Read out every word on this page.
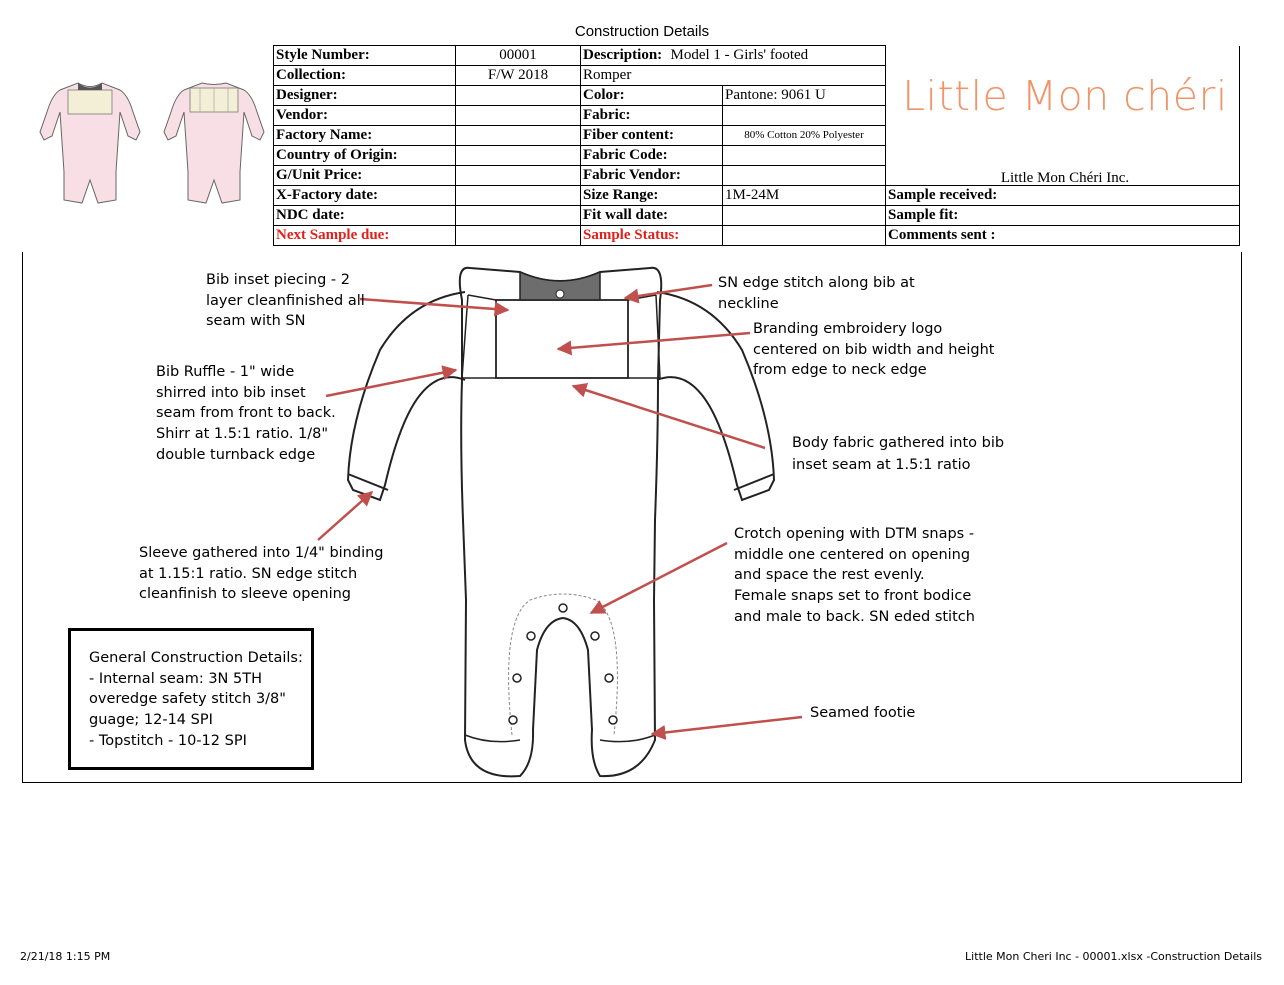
Construction Details
Style Number:	00001	Description:	Model 1 - Girls' footed	
Collection:	F/W 2018	Romper
Designer:		Color:	Pantone: 9061 U
Vendor:		Fabric:	
Factory Name:		Fiber content:	80% Cotton 20% Polyester
Country of Origin:		Fabric Code:	
G/Unit Price:		Fabric Vendor:	
X-Factory date:		Size Range:	1M-24M	Sample received:
NDC date:		Fit wall date:		Sample fit:
Next Sample due:		Sample Status:		Comments sent :
Little Mon chéri
Little Mon Chéri Inc.
Bib inset piecing - 2
layer cleanfinished all
seam with SN
Bib Ruffle - 1" wide
shirred into bib inset
seam from front to back.
Shirr at 1.5:1 ratio. 1/8"
double turnback edge
Sleeve gathered into 1/4" binding
at 1.15:1 ratio. SN edge stitch
cleanfinish to sleeve opening
SN edge stitch along bib at
neckline
Branding embroidery logo
centered on bib width and height
from edge to neck edge
Body fabric gathered into bib
inset seam at 1.5:1 ratio
Crotch opening with DTM snaps -
middle one centered on opening
and space the rest evenly.
Female snaps set to front bodice
and male to back. SN eded stitch
Seamed footie
General Construction Details:
- Internal seam: 3N 5TH
overedge safety stitch 3/8"
guage; 12-14 SPI
- Topstitch - 10-12 SPI
2/21/18 1:15 PM	Little Mon Cheri Inc - 00001.xlsx -Construction Details
